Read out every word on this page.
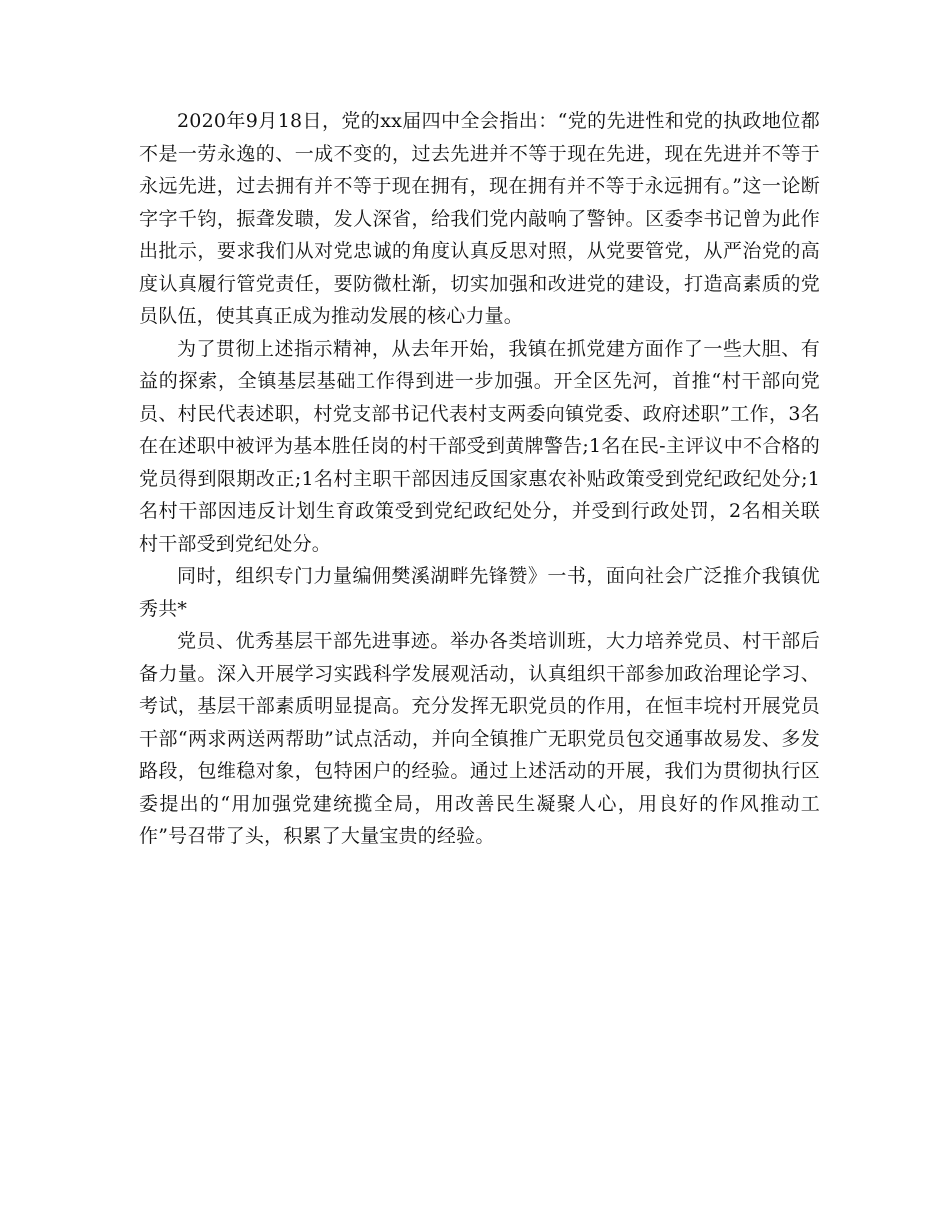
2020年9月18日，党的xx届四中全会指出：“党的先进性和党的执政地位都不是一劳永逸的、一成不变的，过去先进并不等于现在先进，现在先进并不等于永远先进，过去拥有并不等于现在拥有，现在拥有并不等于永远拥有。”这一论断字字千钧，振聋发聩，发人深省，给我们党内敲响了警钟。区委李书记曾为此作出批示，要求我们从对党忠诚的角度认真反思对照，从党要管党，从严治党的高度认真履行管党责任，要防微杜渐，切实加强和改进党的建设，打造高素质的党员队伍，使其真正成为推动发展的核心力量。

为了贯彻上述指示精神，从去年开始，我镇在抓党建方面作了一些大胆、有益的探索，全镇基层基础工作得到进一步加强。开全区先河，首推“村干部向党员、村民代表述职，村党支部书记代表村支两委向镇党委、政府述职”工作，3名在在述职中被评为基本胜任岗的村干部受到黄牌警告;1名在民-主评议中不合格的党员得到限期改正;1名村主职干部因违反国家惠农补贴政策受到党纪政纪处分;1名村干部因违反计划生育政策受到党纪政纪处分，并受到行政处罚，2名相关联村干部受到党纪处分。

同时，组织专门力量编佣樊溪湖畔先锋赞》一书，面向社会广泛推介我镇优秀共*

党员、优秀基层干部先进事迹。举办各类培训班，大力培养党员、村干部后备力量。深入开展学习实践科学发展观活动，认真组织干部参加政治理论学习、考试，基层干部素质明显提高。充分发挥无职党员的作用，在恒丰垸村开展党员干部“两求两送两帮助”试点活动，并向全镇推广无职党员包交通事故易发、多发路段，包维稳对象，包特困户的经验。通过上述活动的开展，我们为贯彻执行区委提出的“用加强党建统揽全局，用改善民生凝聚人心，用良好的作风推动工作”号召带了头，积累了大量宝贵的经验。
